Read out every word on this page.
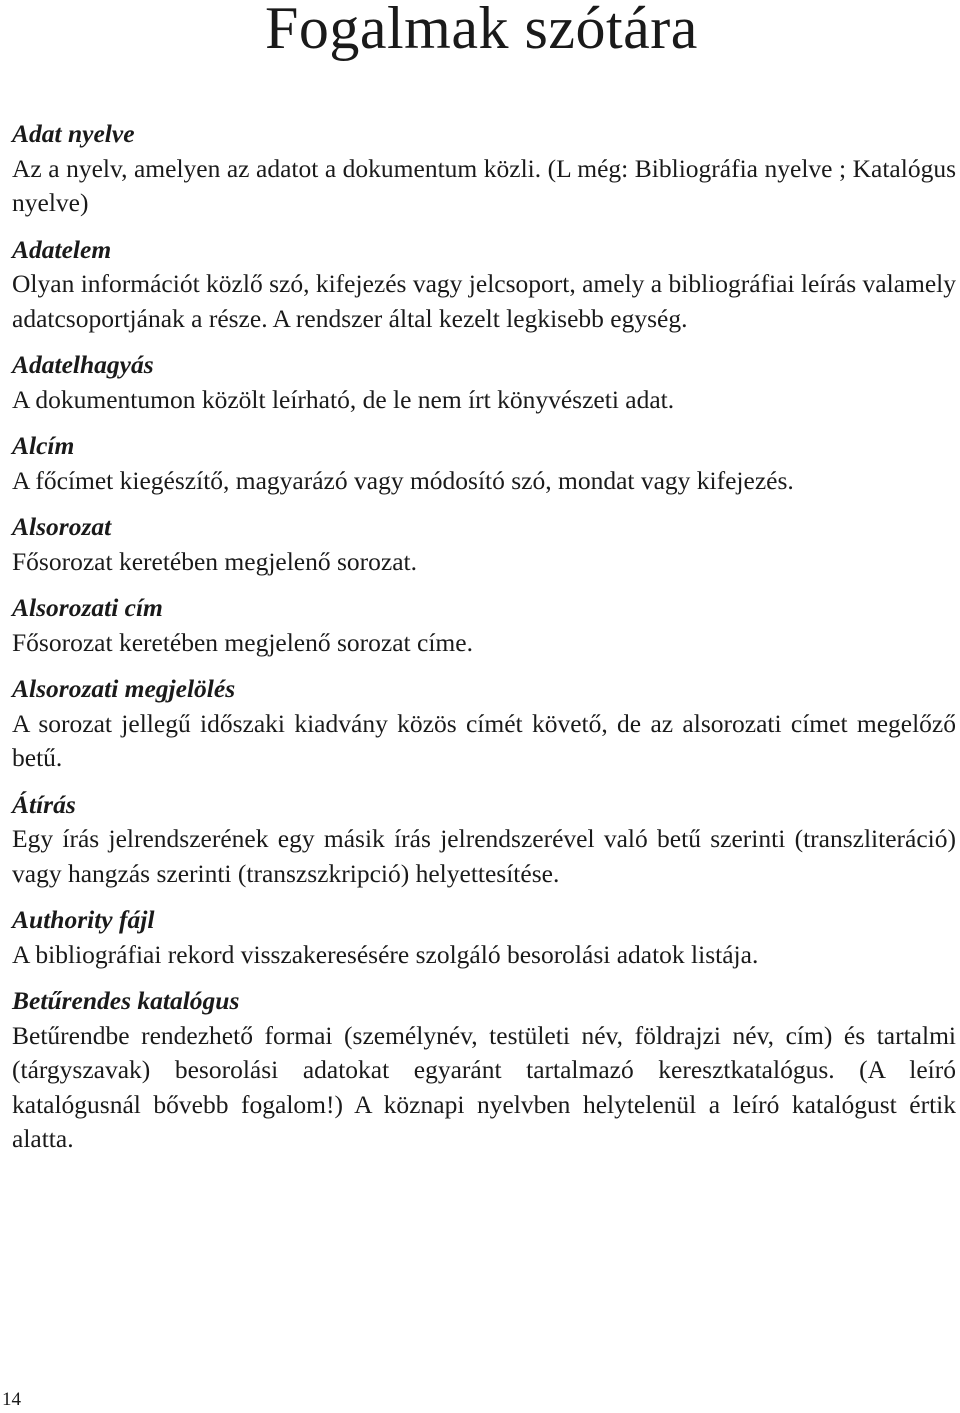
Fogalmak szótára

Adat nyelve

Az a nyelv, amelyen az adatot a dokumentum közli. (L még: Bibliográfia nyelve ; Katalógus nyelve)

Adatelem

Olyan információt közlő szó, kifejezés vagy jelcsoport, amely a bibliográfiai leírás valamely adatcsoportjának a része. A rendszer által kezelt legkisebb egység.

Adatelhagyás

A dokumentumon közölt leírható, de le nem írt könyvészeti adat.

Alcím

A főcímet kiegészítő, magyarázó vagy módosító szó, mondat vagy kifejezés.

Alsorozat

Fősorozat keretében megjelenő sorozat.

Alsorozati cím

Fősorozat keretében megjelenő sorozat címe.

Alsorozati megjelölés

A sorozat jellegű időszaki kiadvány közös címét követő, de az alsorozati címet megelőző betű.

Átírás

Egy írás jelrendszerének egy másik írás jelrendszerével való betű szerinti (transzliteráció) vagy hangzás szerinti (transzszkripció) helyettesítése.

Authority fájl

A bibliográfiai rekord visszakeresésére szolgáló besorolási adatok listája.

Betűrendes katalógus

Betűrendbe rendezhető formai (személynév, testületi név, földrajzi név, cím) és tartalmi (tárgyszavak) besorolási adatokat egyaránt tartalmazó keresztkatalógus. (A leíró katalógusnál bővebb fogalom!) A köznapi nyelvben helytelenül a leíró katalógust értik alatta.

14
